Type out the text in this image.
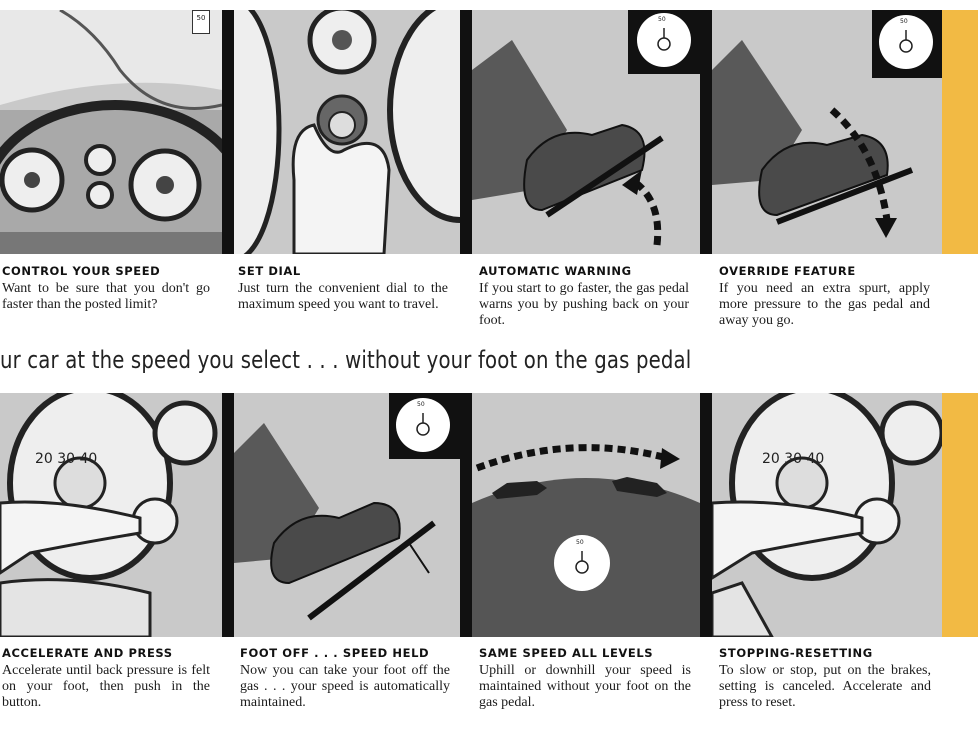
50	50	50
CONTROL YOUR SPEED

Want to be sure that you don't go faster than the posted limit?

SET DIAL

Just turn the convenient dial to the maximum speed you want to travel.

AUTOMATIC WARNING

If you start to go faster, the gas pedal warns you by pushing back on your foot.

OVERRIDE FEATURE

If you need an extra spurt, apply more pressure to the gas pedal and away you go.

ur car at the speed you select . . . without your foot on the gas pedal
20 30 40
50
50
20 30 40
ACCELERATE AND PRESS

Accelerate until back pressure is felt on your foot, then push in the button.

FOOT OFF . . . SPEED HELD

Now you can take your foot off the gas . . . your speed is automatically maintained.

SAME SPEED ALL LEVELS

Uphill or downhill your speed is maintained without your foot on the gas pedal.

STOPPING-RESETTING

To slow or stop, put on the brakes, setting is canceled. Accelerate and press to reset.
